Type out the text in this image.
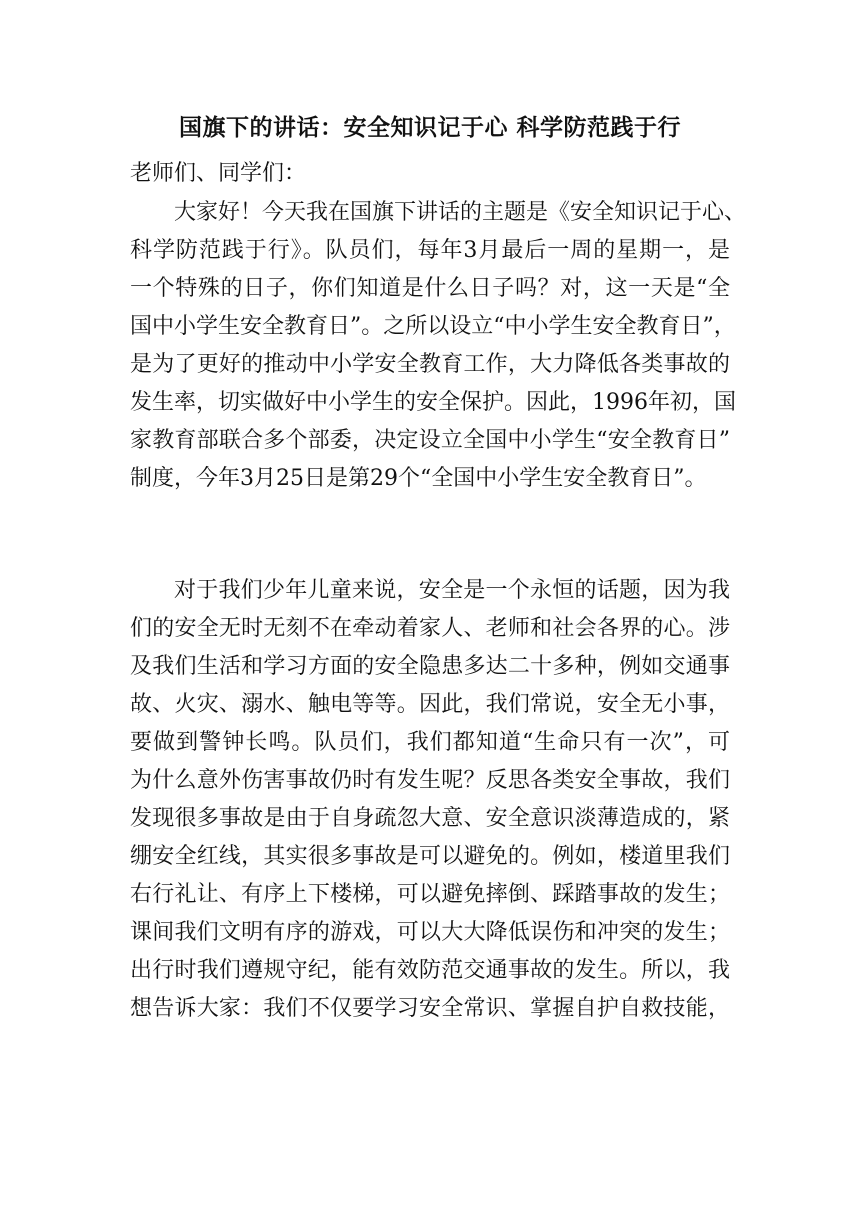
国旗下的讲话：安全知识记于心 科学防范践于行
老师们、同学们：
大家好！今天我在国旗下讲话的主题是《安全知识记于心、
科学防范践于行》。队员们，每年3月最后一周的星期一，是
一个特殊的日子，你们知道是什么日子吗？对，这一天是“全
国中小学生安全教育日”。之所以设立“中小学生安全教育日”，
是为了更好的推动中小学安全教育工作，大力降低各类事故的
发生率，切实做好中小学生的安全保护。因此，1996年初，国
家教育部联合多个部委，决定设立全国中小学生“安全教育日”
制度，今年3月25日是第29个“全国中小学生安全教育日”。
对于我们少年儿童来说，安全是一个永恒的话题，因为我
们的安全无时无刻不在牵动着家人、老师和社会各界的心。涉
及我们生活和学习方面的安全隐患多达二十多种，例如交通事
故、火灾、溺水、触电等等。因此，我们常说，安全无小事，
要做到警钟长鸣。队员们，我们都知道“生命只有一次”，可
为什么意外伤害事故仍时有发生呢？反思各类安全事故，我们
发现很多事故是由于自身疏忽大意、安全意识淡薄造成的，紧
绷安全红线，其实很多事故是可以避免的。例如，楼道里我们
右行礼让、有序上下楼梯，可以避免摔倒、踩踏事故的发生；
课间我们文明有序的游戏，可以大大降低误伤和冲突的发生；
出行时我们遵规守纪，能有效防范交通事故的发生。所以，我
想告诉大家：我们不仅要学习安全常识、掌握自护自救技能，
